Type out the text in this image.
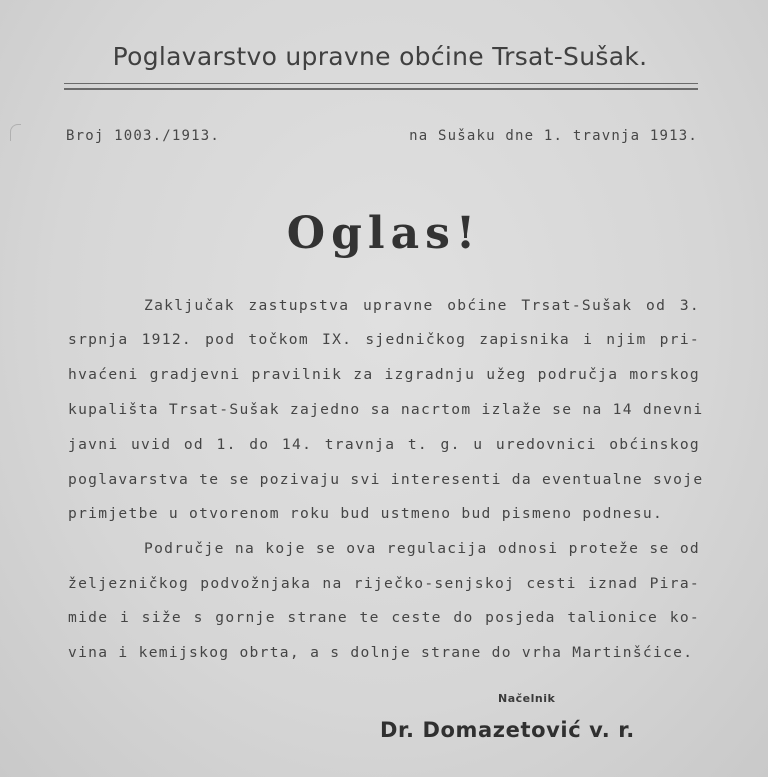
Poglavarstvo upravne obćine Trsat-Sušak.
Broj 1003./1913.	na Sušaku dne 1. travnja 1913.
Oglas!
Zaključak zastupstva upravne obćine Trsat-Sušak od 3.
srpnja 1912. pod točkom IX. sjedničkog zapisnika i njim pri-
hvaćeni gradjevni pravilnik za izgradnju užeg područja morskog
kupališta Trsat-Sušak zajedno sa nacrtom izlaže se na 14 dnevni
javni uvid od 1. do 14. travnja t. g. u uredovnici obćinskog
poglavarstva te se pozivaju svi interesenti da eventualne svoje
primjetbe u otvorenom roku bud ustmeno bud pismeno podnesu.
Područje na koje se ova regulacija odnosi proteže se od
željezničkog podvožnjaka na riječko-senjskoj cesti iznad Pira-
mide i siže s gornje strane te ceste do posjeda talionice ko-
vina i kemijskog obrta, a s dolnje strane do vrha Martinšćice.
Načelnik
Dr. Domazetović v. r.
